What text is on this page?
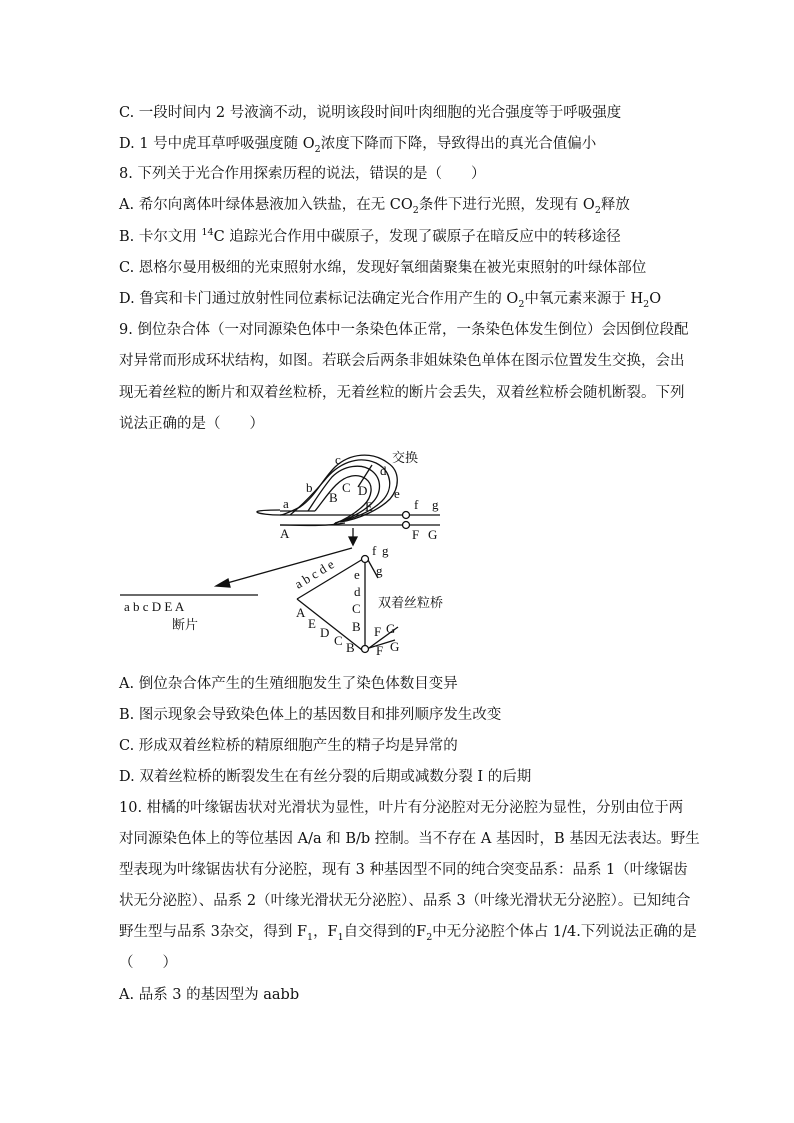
C. 一段时间内 2 号液滴不动，说明该段时间叶肉细胞的光合强度等于呼吸强度
D. 1 号中虎耳草呼吸强度随 $O_2$浓度下降而下降，导致得出的真光合值偏小
8. 下列关于光合作用探索历程的说法，错误的是（　　）
A. 希尔向离体叶绿体悬液加入铁盐，在无 $CO_2$条件下进行光照，发现有 $O_2$释放
B. 卡尔文用 $^{14}$C 追踪光合作用中碳原子，发现了碳原子在暗反应中的转移途径
C. 恩格尔曼用极细的光束照射水绵，发现好氧细菌聚集在被光束照射的叶绿体部位
D. 鲁宾和卡门通过放射性同位素标记法确定光合作用产生的 $O_2$中氧元素来源于 $H_2O$
9. 倒位杂合体（一对同源染色体中一条染色体正常，一条染色体发生倒位）会因倒位段配
对异常而形成环状结构，如图。若联会后两条非姐妹染色单体在图示位置发生交换，会出
现无着丝粒的断片和双着丝粒桥，无着丝粒的断片会丢失，双着丝粒桥会随机断裂。下列
说法正确的是（　　）
a
b
c
d
e
f g
A
B
C D
E
F G
交换
a b c D E A
断片
a b c d e
f g
g
e
d
C
B
A
E
D
C B
F G
F G
双着丝粒桥
A. 倒位杂合体产生的生殖细胞发生了染色体数目变异
B. 图示现象会导致染色体上的基因数目和排列顺序发生改变
C. 形成双着丝粒桥的精原细胞产生的精子均是异常的
D. 双着丝粒桥的断裂发生在有丝分裂的后期或减数分裂 I 的后期
10. 柑橘的叶缘锯齿状对光滑状为显性，叶片有分泌腔对无分泌腔为显性，分别由位于两
对同源染色体上的等位基因 A/a 和 B/b 控制。当不存在 A 基因时，B 基因无法表达。野生
型表现为叶缘锯齿状有分泌腔，现有 3 种基因型不同的纯合突变品系：品系 1（叶缘锯齿
状无分泌腔）、品系 2（叶缘光滑状无分泌腔）、品系 3（叶缘光滑状无分泌腔）。已知纯合
野生型与品系 3杂交，得到 $F_1$，$F_1$自交得到的$F_2$中无分泌腔个体占 1/4.下列说法正确的是
（　　）
A. 品系 3 的基因型为 aabb
